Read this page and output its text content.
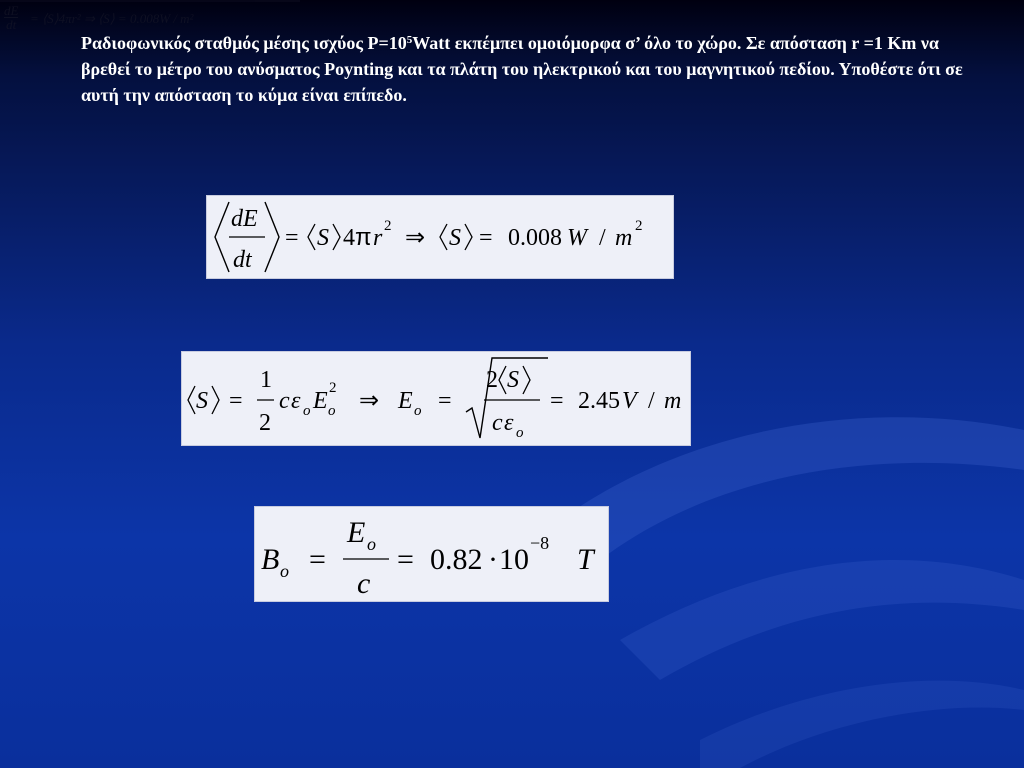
$\frac{dE}{dt}$ = ⟨S⟩4πr² ⇒ ⟨S⟩ = 0.008W / m²
Ραδιοφωνικός σταθμός μέσης ισχύος $P=10^5Watt$ εκπέμπει ομοιόμορφα σ’ όλο το χώρο. Σε απόσταση r =1 Km να βρεθεί το μέτρο του ανύσματος Poynting και τα πλάτη του ηλεκτρικού και του μαγνητικού πεδίου. Υποθέστε ότι σε αυτή την απόσταση το κύμα είναι επίπεδο.
dE
dt
= S 4 π r 2 ⇒ S = 0.008 W / m 2
S =
1
2
c ε o E 2
o ⇒ E o =
2 S
c ε o
= 2.45 V / m
B o =
E o
c
= 0.82 · 10 −8 T
